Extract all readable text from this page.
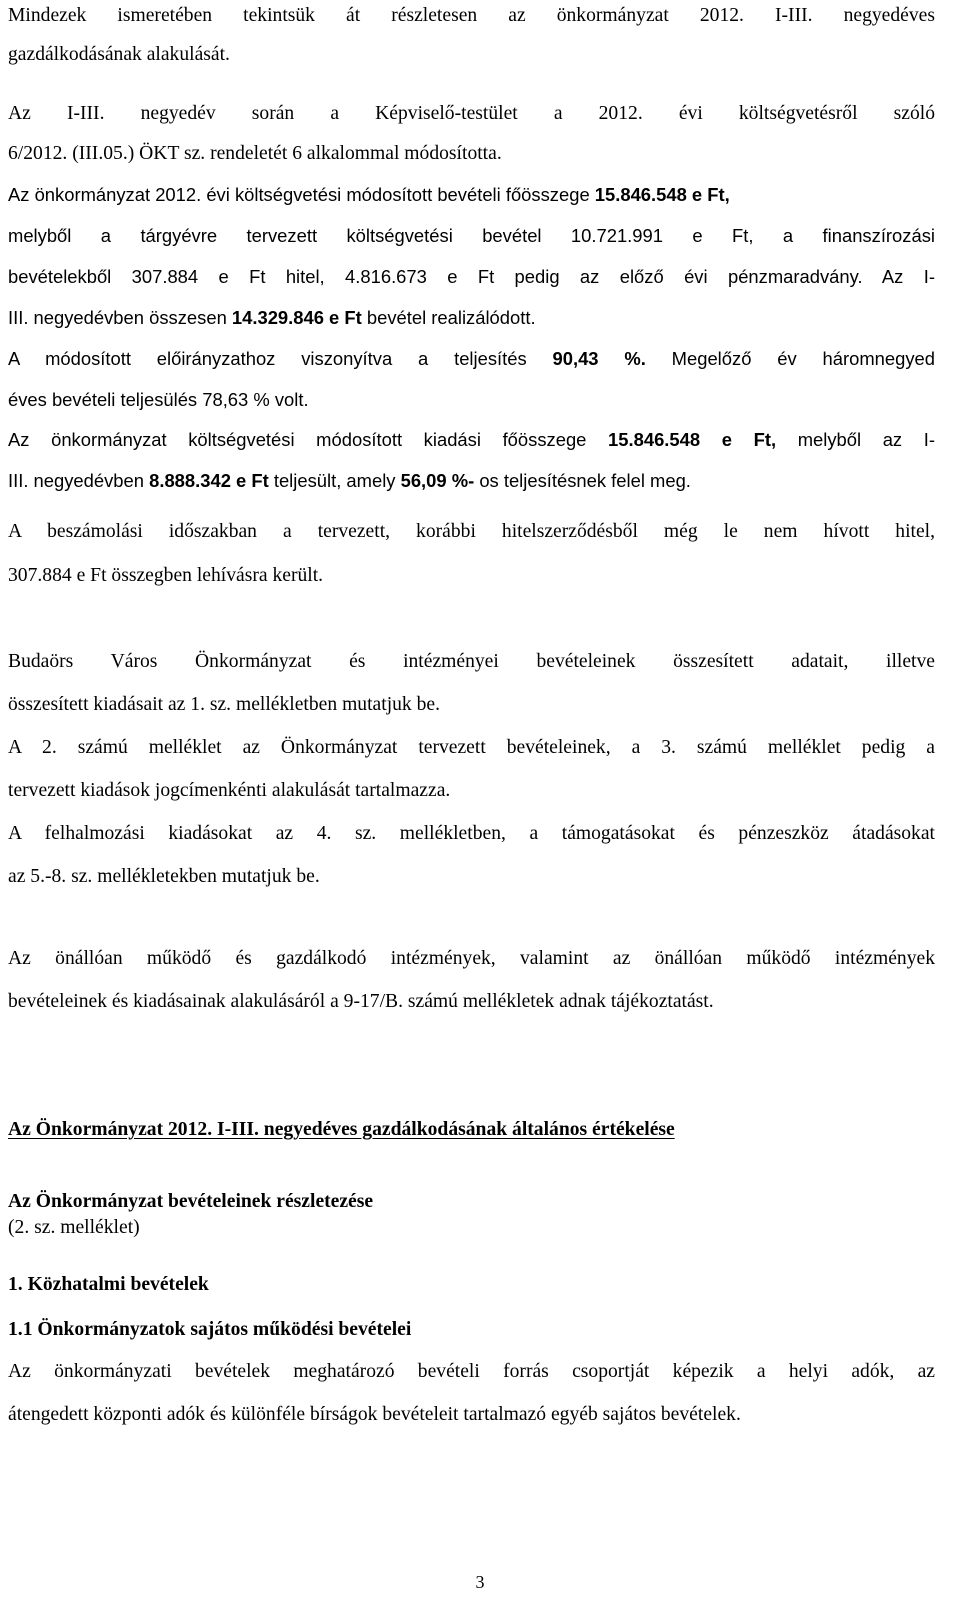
Mindezek ismeretében tekintsük át részletesen az önkormányzat 2012. I-III. negyedéves
gazdálkodásának alakulását.
Az I-III. negyedév során a Képviselő-testület a 2012. évi költségvetésről szóló
6/2012. (III.05.) ÖKT sz. rendeletét 6 alkalommal módosította.
Az önkormányzat 2012. évi költségvetési módosított bevételi főösszege 15.846.548 e Ft,
melyből a tárgyévre tervezett költségvetési bevétel 10.721.991 e Ft, a finanszírozási
bevételekből 307.884 e Ft hitel, 4.816.673 e Ft pedig az előző évi pénzmaradvány. Az I-
III. negyedévben összesen 14.329.846 e Ft bevétel realizálódott.
A módosított előirányzathoz viszonyítva a teljesítés 90,43 %. Megelőző év háromnegyed
éves bevételi teljesülés 78,63 % volt.
Az önkormányzat költségvetési módosított kiadási főösszege 15.846.548 e Ft, melyből az I-
III. negyedévben 8.888.342 e Ft teljesült, amely 56,09 %- os teljesítésnek felel meg.
A beszámolási időszakban a tervezett, korábbi hitelszerződésből még le nem hívott hitel,
307.884 e Ft összegben lehívásra került.
Budaörs Város Önkormányzat és intézményei bevételeinek összesített adatait, illetve
összesített kiadásait az 1. sz. mellékletben mutatjuk be.
A 2. számú melléklet az Önkormányzat tervezett bevételeinek, a 3. számú melléklet pedig a
tervezett kiadások jogcímenkénti alakulását tartalmazza.
A felhalmozási kiadásokat az 4. sz. mellékletben, a támogatásokat és pénzeszköz átadásokat
az 5.-8. sz. mellékletekben mutatjuk be.
Az önállóan működő és gazdálkodó intézmények, valamint az önállóan működő intézmények
bevételeinek és kiadásainak alakulásáról a 9-17/B. számú mellékletek adnak tájékoztatást.
Az Önkormányzat 2012. I-III. negyedéves gazdálkodásának általános értékelése
Az Önkormányzat bevételeinek részletezése
(2. sz. melléklet)
1. Közhatalmi bevételek
1.1 Önkormányzatok sajátos működési bevételei
Az önkormányzati bevételek meghatározó bevételi forrás csoportját képezik a helyi adók, az
átengedett központi adók és különféle bírságok bevételeit tartalmazó egyéb sajátos bevételek.
3
